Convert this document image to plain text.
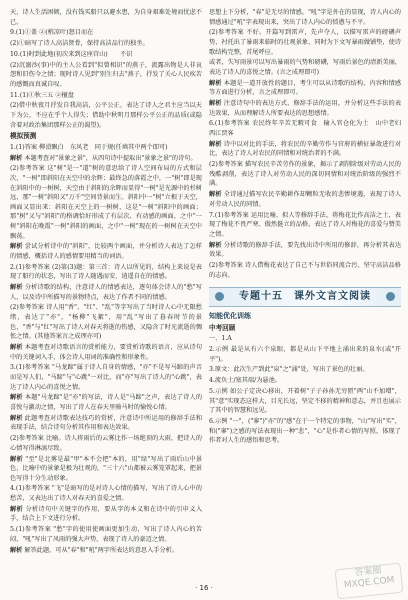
天，诗人生活困顿，没有钱买船只以避水患，为自身艰难处境而忧虑不已。

9.(1)①盖 ②(梢凉叶)怒目而在

(2)①暗写了诗人高洁贤骨，保持高洁品行的独坐。

10.(1)时到此地(初次来到这座宫山)　　不识

(2)沉溺沙(事)中的主人公看到"似曾相识"的燕子，流露出物是人非哀怨和旧伤今之情；现时诗人见到"别生归去"燕子，抒发了关心人民疾苦的感慨而真诚自叹。

11.(1)①秋三五 ②檀盘

(2)借中秋夜月抒发自我高洁，公平公正，表达了诗人之君主应当以天下为公，不应在乎个人得失；借助中秋明月那样公平公正的品质(或隐含着对政治集团那样公正的渴望)。

模拟预测

1.(1)答案 柳滑飘白　东风老　同于规(任填其中两个即可)

解析 本题考查对"景象之景"，从四句诗中提取出"景象之景"的诗句。

(2)参考答案 这"树"是一"道"树的意思给了诗人空间布局的方式和层次，"一树"即斜阳在天空中的余辉；最终急的落霞之中，一"树"即是现在斜阳中的一树树，天空由于斜阳的余辉而显得"一树"是光源中的杉树远，那"一树"斜阳又"万千"空间背景而生。斜阳中一"树"立根于天空，画面又显出来：斜阳在天空上的一树树，这是"一树"斜阳中的画面；那"树"又与"斜阳"的格调恰好形成了有层次、有动感的画面，之中"一树"斜阳在晚霞"一树"斜阳的画面，之中"一树"现在的一树树在天空中飘荡。

解析 尝试分析诗中的"斜阳"，比较两个画面，并分析诗人表达了怎样的情感，概括诗人的感情要用精当的词语。

2.(1)参考答案 (2)第(3)题：第三首：诗人以所见的，结构上来说是表现了船行的状态，写出了诗人随遇而安，逍遥自在的情感。

解析 分析诗歌的结构，注意诗人的情感表达，逐句体会诗人的"愁"写人，以及诗中所描写的景物特点，表达了作者不同的情感。

(2)参考答案 诗人用"香"、"红"、"乱"等字写出了当时诗人心中无限愁绪，表达了"亦"，"杨柳"飞絮"，用"乱"写出了暮春时节的景色，"香"与"红"写出了诗人对春天将逝的伤感，又隐含了时光流逝的惆怅之情。(其他答案言之成理亦可)

解析 本题考查对诗歌语言的赏析能力，要赏析诗歌的语言，应从诗句中的关键词入手，体会诗人用词的准确性和形象性。

3.(1)参考答案 "马龙蹄"属于诗人自身的情感，"亦"不是写马蹄的声音而是写人们，"马蹄"与"心跳"一对比，而"亦"写出了诗人的"心跳"，表达了诗人内心的喜悦之情。

解析 本题"马龙蹄"是"亦"的写法，诗人是"马蹄"之声，表达了诗人的喜悦与激动之情，写出了诗人在春天里骑马时的愉悦心情。

解析 此题考查对诗歌表达技巧的赏析，注意诗中所运用的修辞手法和表现手法，结合诗句分析其作用和表达效果。

(2)参考答案 比喻。诗人将雨后的云雾比作一场绝顶的大雨，把诗人的心情写得淋漓尽致。

解析 "至"是北雾是最"甲"本不会把"本的，用"绿"写出了雨后山中景色，比喻中的景象是极为壮观的，"三十六"山都被云雾笼罩起来，把景色写得十分生动形象。

4.(1)参考答案 "飞"是暗写的是对诗人心情的描写，写出了诗人心中的愁苦，又表达出了诗人对春天的喜爱之情。

解析 分析诗句中关键字的作用，要从字的本义和在诗中的引申义入手，结合上下文进行分析。

5.(1)参考答案 "愁"字的使用使画面更加生动，写出了诗人内心的苦闷，"吼"写出了风雨的强大声势，表现了诗人的豪迈之情。

解析 解答此题，可从"春"和"吼"两字所表达的意思入手分析。

思想上下分析，"春"是无尽的情感，"吼"字是外在的显现，诗人内心的情感通过"吼"字表现出来，突出了诗人内心的愤懑与不平。

(2)参考答案 不好。开篇写到雷声，先声夺人，以描写雷声的磅礴声势，衬托出了暴雨来临时的壮观景象，同时为下文写暴雨做铺垫，使诗歌结构完整，首尾呼应。

或者，失写雨景可以写出暴雨的气势和磅礴，写雨后景色的清新美丽，表达了诗人的喜悦之情。(言之成理即可)

解析 本题是一道开放性的题目，考生可以从诗歌的结构、内容和情感等方面进行分析，言之成理即可。

解析 注意诗句中的表达方式、修辞手法的运用，并分析这些手法的表达效果，从而理解诗人所要表达的思想感情。

6.(1)参考答案 农民终年辛苦无暇可食　输入官仓化为土　山中老妇　西江贾客

解析 诗中以对比的手法，将农民的辛勤劳作与官府的横征暴敛进行对比，表达了诗人对农民的同情和对统治者的不满。

(2)参考答案 描写农民辛苦劳作的景象，揭示了剥削阶级对劳动人民的残酷剥削，表达了诗人对劳动人民的深切同情和对统治阶级的强烈不满。

解析 全诗通过描写农民辛勤耕作却颗粒无收的悲惨境遇，表现了诗人对劳动人民的同情。

7.(1)参考答案 运用比喻、拟人等修辞手法，将梅花比作高洁之士，表现了梅花不畏严寒、傲然挺立的品格，表达了诗人对梅花的喜爱与赞美之情。

解析 分析诗歌的修辞手法，要先找出诗中所用的修辞，再分析其表达效果。

(2)参考答案 诗人借梅花表达了自己不与世俗同流合污、坚守高洁品格的志向。

专题十五　课外文言文阅读
知能优化训练
中考回顾

一、1.A

2.示例 最是从有六个泉眼，都是从山下平地上涌出来的泉水(或"开平")。

3.原文：此次生产到此"泉"之"涌"处，写出了景色的壮丽。

4.流负土/塞其端/为悬池。

5.示例 如公子定决心移出，开着树"子子孙孙无穷匮"两"山不加增"，其"意"实现态这样大，目光长远，坚定不移的精神和意志，并且也展示了其中的智慧和远见。

6.示例 "一"，("寥")"亦"的"感"在于一个特定的事物，"山"写出"实"，和("寥")之感的写法表现出一种"悲"，"心"是作者心情的写照，体现了作者对人生的感悟和思考。

· 16 ·
答案圈
MXQE.COM
